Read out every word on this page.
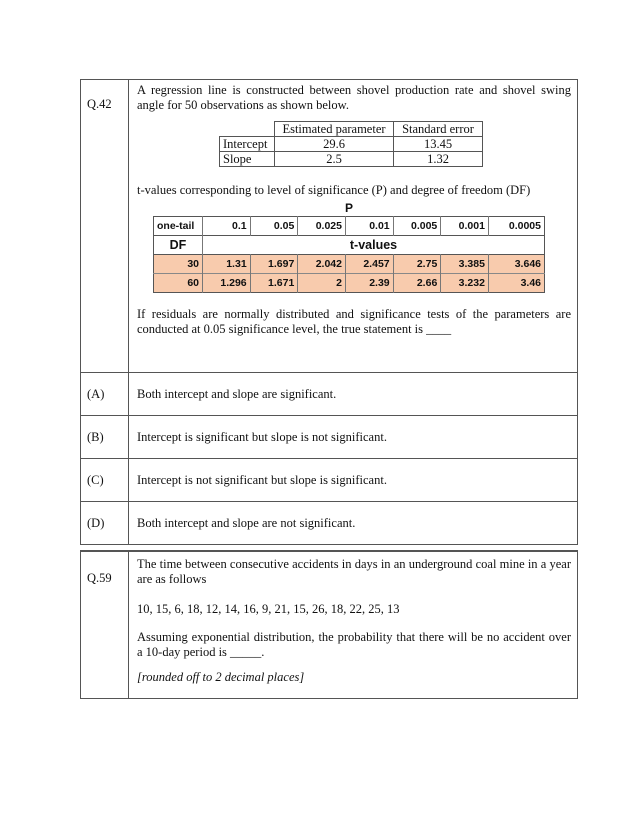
Q.42

A regression line is constructed between shovel production rate and shovel swing angle for 50 observations as shown below.

	Estimated parameter	Standard error
Intercept	29.6	13.45
Slope	2.5	1.32

t-values corresponding to level of significance (P) and degree of freedom (DF)

P
one-tail	0.1	0.05	0.025	0.01	0.005	0.001	0.0005
DF	t-values						
30	1.31	1.697	2.042	2.457	2.75	3.385	3.646
60	1.296	1.671	2	2.39	2.66	3.232	3.46

If residuals are normally distributed and significance tests of the parameters are conducted at 0.05 significance level, the true statement is ____

(A)	Both intercept and slope are significant.
(B)	Intercept is significant but slope is not significant.
(C)	Intercept is not significant but slope is significant.
(D)	Both intercept and slope are not significant.
Q.59

The time between consecutive accidents in days in an underground coal mine in a year are as follows

10, 15, 6, 18, 12, 14, 16, 9, 21, 15, 26, 18, 22, 25, 13

Assuming exponential distribution, the probability that there will be no accident over a 10-day period is _____.

[rounded off to 2 decimal places]
